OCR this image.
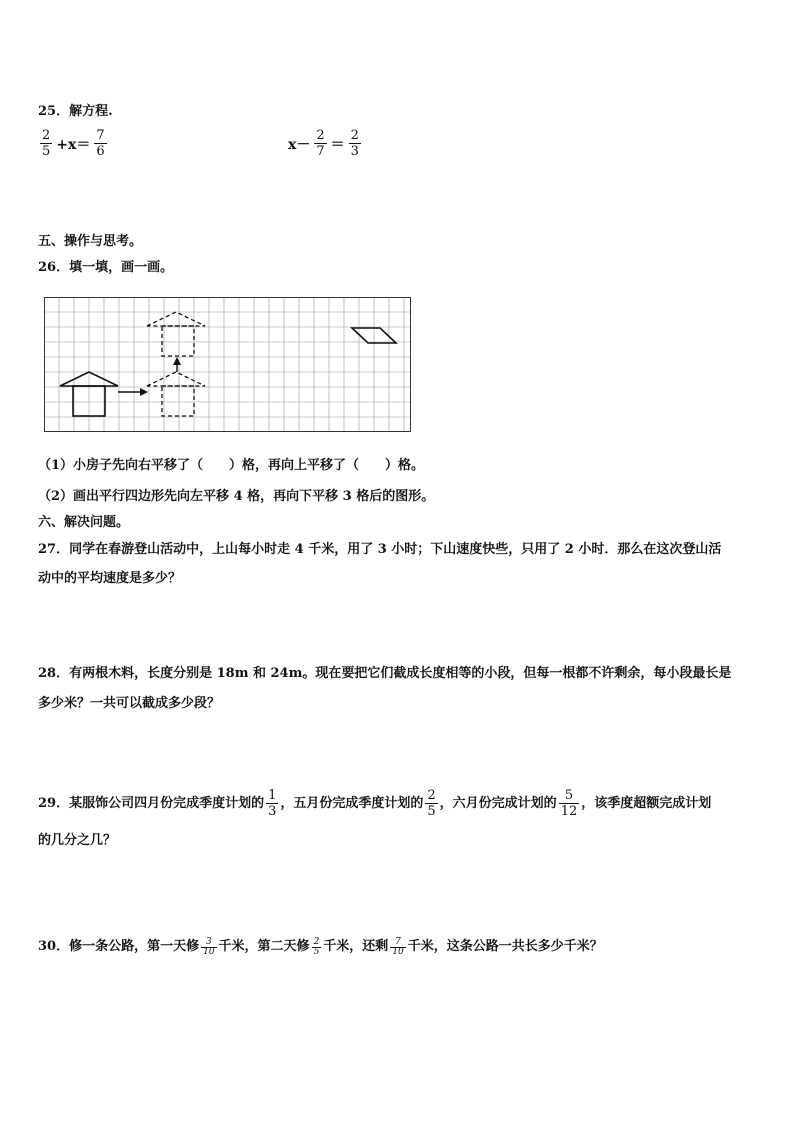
25．解方程.
$\frac{2}{5} +x= \frac{7}{6}$	$x- \frac{2}{7} = \frac{2}{3}$
五、操作与思考。
26．填一填，画一画。
（1）小房子先向右平移了（　　）格，再向上平移了（　　）格。
（2）画出平行四边形先向左平移 4 格，再向下平移 3 格后的图形。
六、解决问题。
27．同学在春游登山活动中，上山每小时走 4 千米，用了 3 小时；下山速度快些，只用了 2 小时．那么在这次登山活
动中的平均速度是多少？
28．有两根木料，长度分别是 18m 和 24m。现在要把它们截成长度相等的小段，但每一根都不许剩余，每小段最长是
多少米？一共可以截成多少段？
29．某服饰公司四月份完成季度计划的 $\frac{1}{3}$ ，五月份完成季度计划的 $\frac{2}{5}$ ，六月份完成计划的 $\frac{5}{12}$ ，该季度超额完成计划
的几分之几？
30．修一条公路，第一天修 $\frac{3}{10}$ 千米，第二天修 $\frac{2}{5}$ 千米，还剩 $\frac{7}{10}$ 千米，这条公路一共长多少千米？
